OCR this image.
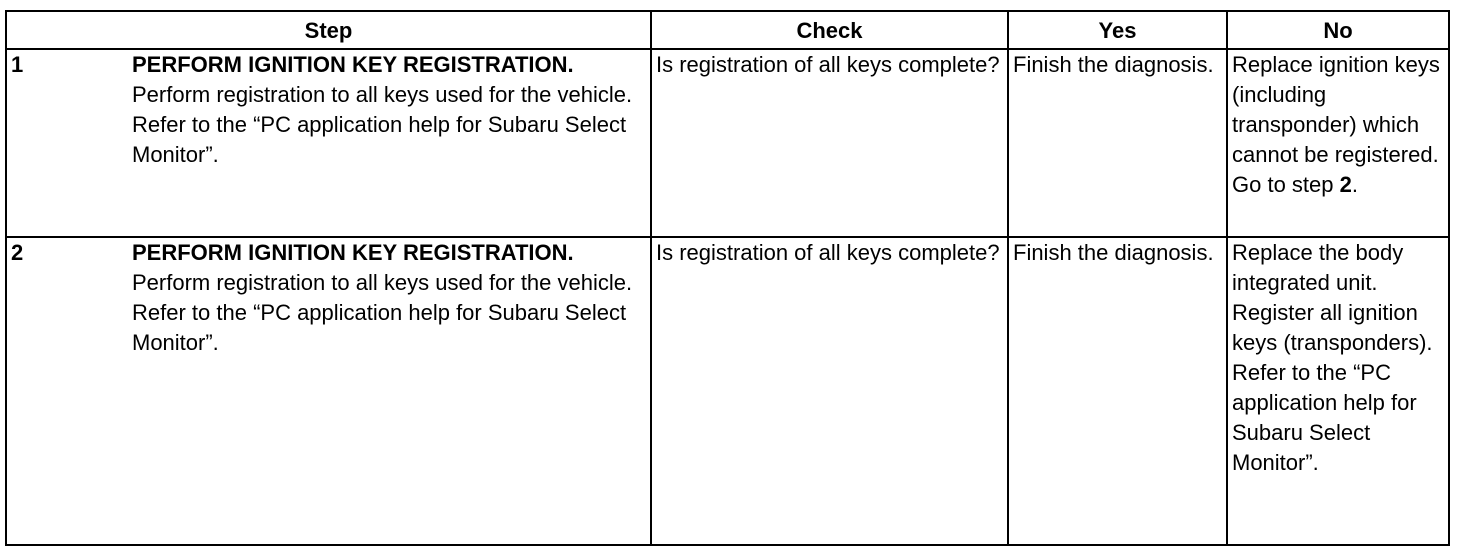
Step	Check	Yes	No

1 PERFORM IGNITION KEY REGISTRATION.
Perform registration to all keys used for the vehicle. Refer to the “PC application help for Subaru Select Monitor”.	Is registration of all keys complete?	Finish the diagnosis.	Replace ignition keys (including transponder) which cannot be registered. Go to step 2.

2 PERFORM IGNITION KEY REGISTRATION.
Perform registration to all keys used for the vehicle. Refer to the “PC application help for Subaru Select Monitor”.	Is registration of all keys complete?	Finish the diagnosis.	Replace the body integrated unit. Register all ignition keys (transponders). Refer to the “PC application help for Subaru Select Monitor”.
